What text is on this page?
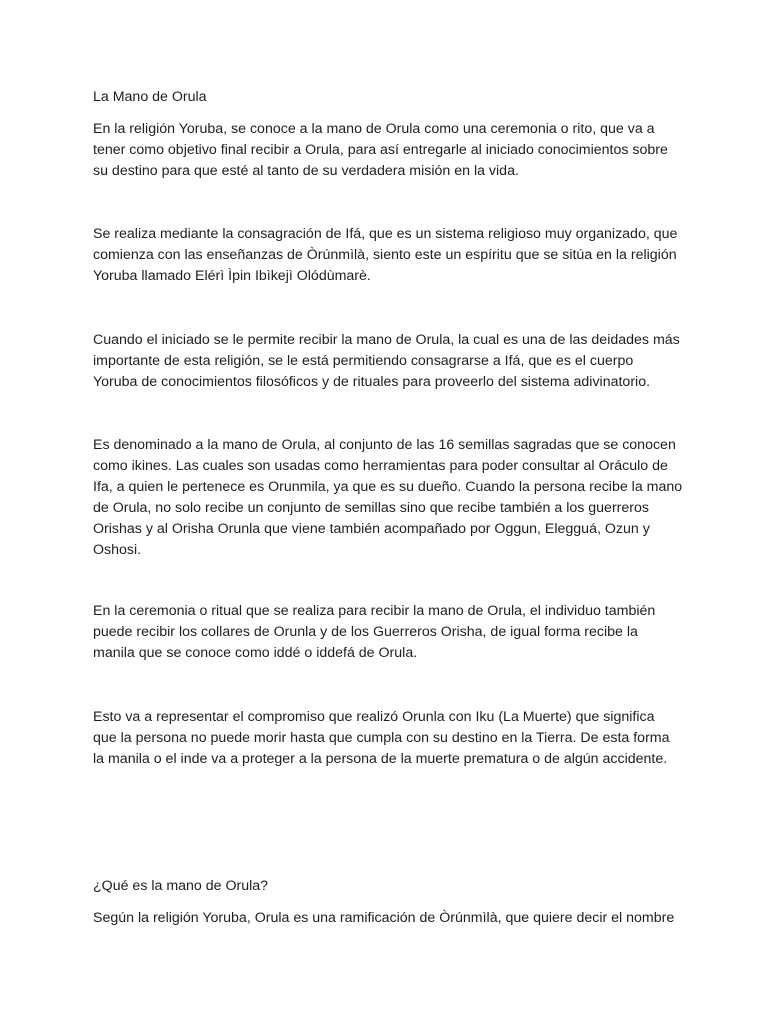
La Mano de Orula

En la religión Yoruba, se conoce a la mano de Orula como una ceremonia o rito, que va a
tener como objetivo final recibir a Orula, para así entregarle al iniciado conocimientos sobre
su destino para que esté al tanto de su verdadera misión en la vida.

Se realiza mediante la consagración de Ifá, que es un sistema religioso muy organizado, que
comienza con las enseñanzas de Òrúnmìlà, siento este un espíritu que se sitúa en la religión
Yoruba llamado Elérì Ìpin Ibìkejì Olódùmarè.

Cuando el iniciado se le permite recibir la mano de Orula, la cual es una de las deidades más
importante de esta religión, se le está permitiendo consagrarse a Ifá, que es el cuerpo
Yoruba de conocimientos filosóficos y de rituales para proveerlo del sistema adivinatorio.

Es denominado a la mano de Orula, al conjunto de las 16 semillas sagradas que se conocen
como ikines. Las cuales son usadas como herramientas para poder consultar al Oráculo de
Ifa, a quien le pertenece es Orunmila, ya que es su dueño. Cuando la persona recibe la mano
de Orula, no solo recibe un conjunto de semillas sino que recibe también a los guerreros
Orishas y al Orisha Orunla que viene también acompañado por Oggun, Elegguá, Ozun y
Oshosi.

En la ceremonia o ritual que se realiza para recibir la mano de Orula, el individuo también
puede recibir los collares de Orunla y de los Guerreros Orisha, de igual forma recibe la
manila que se conoce como iddé o iddefá de Orula.

Esto va a representar el compromiso que realizó Orunla con Iku (La Muerte) que significa
que la persona no puede morir hasta que cumpla con su destino en la Tierra. De esta forma
la manila o el inde va a proteger a la persona de la muerte prematura o de algún accidente.

¿Qué es la mano de Orula?

Según la religión Yoruba, Orula es una ramificación de Òrúnmìlà, que quiere decir el nombre
